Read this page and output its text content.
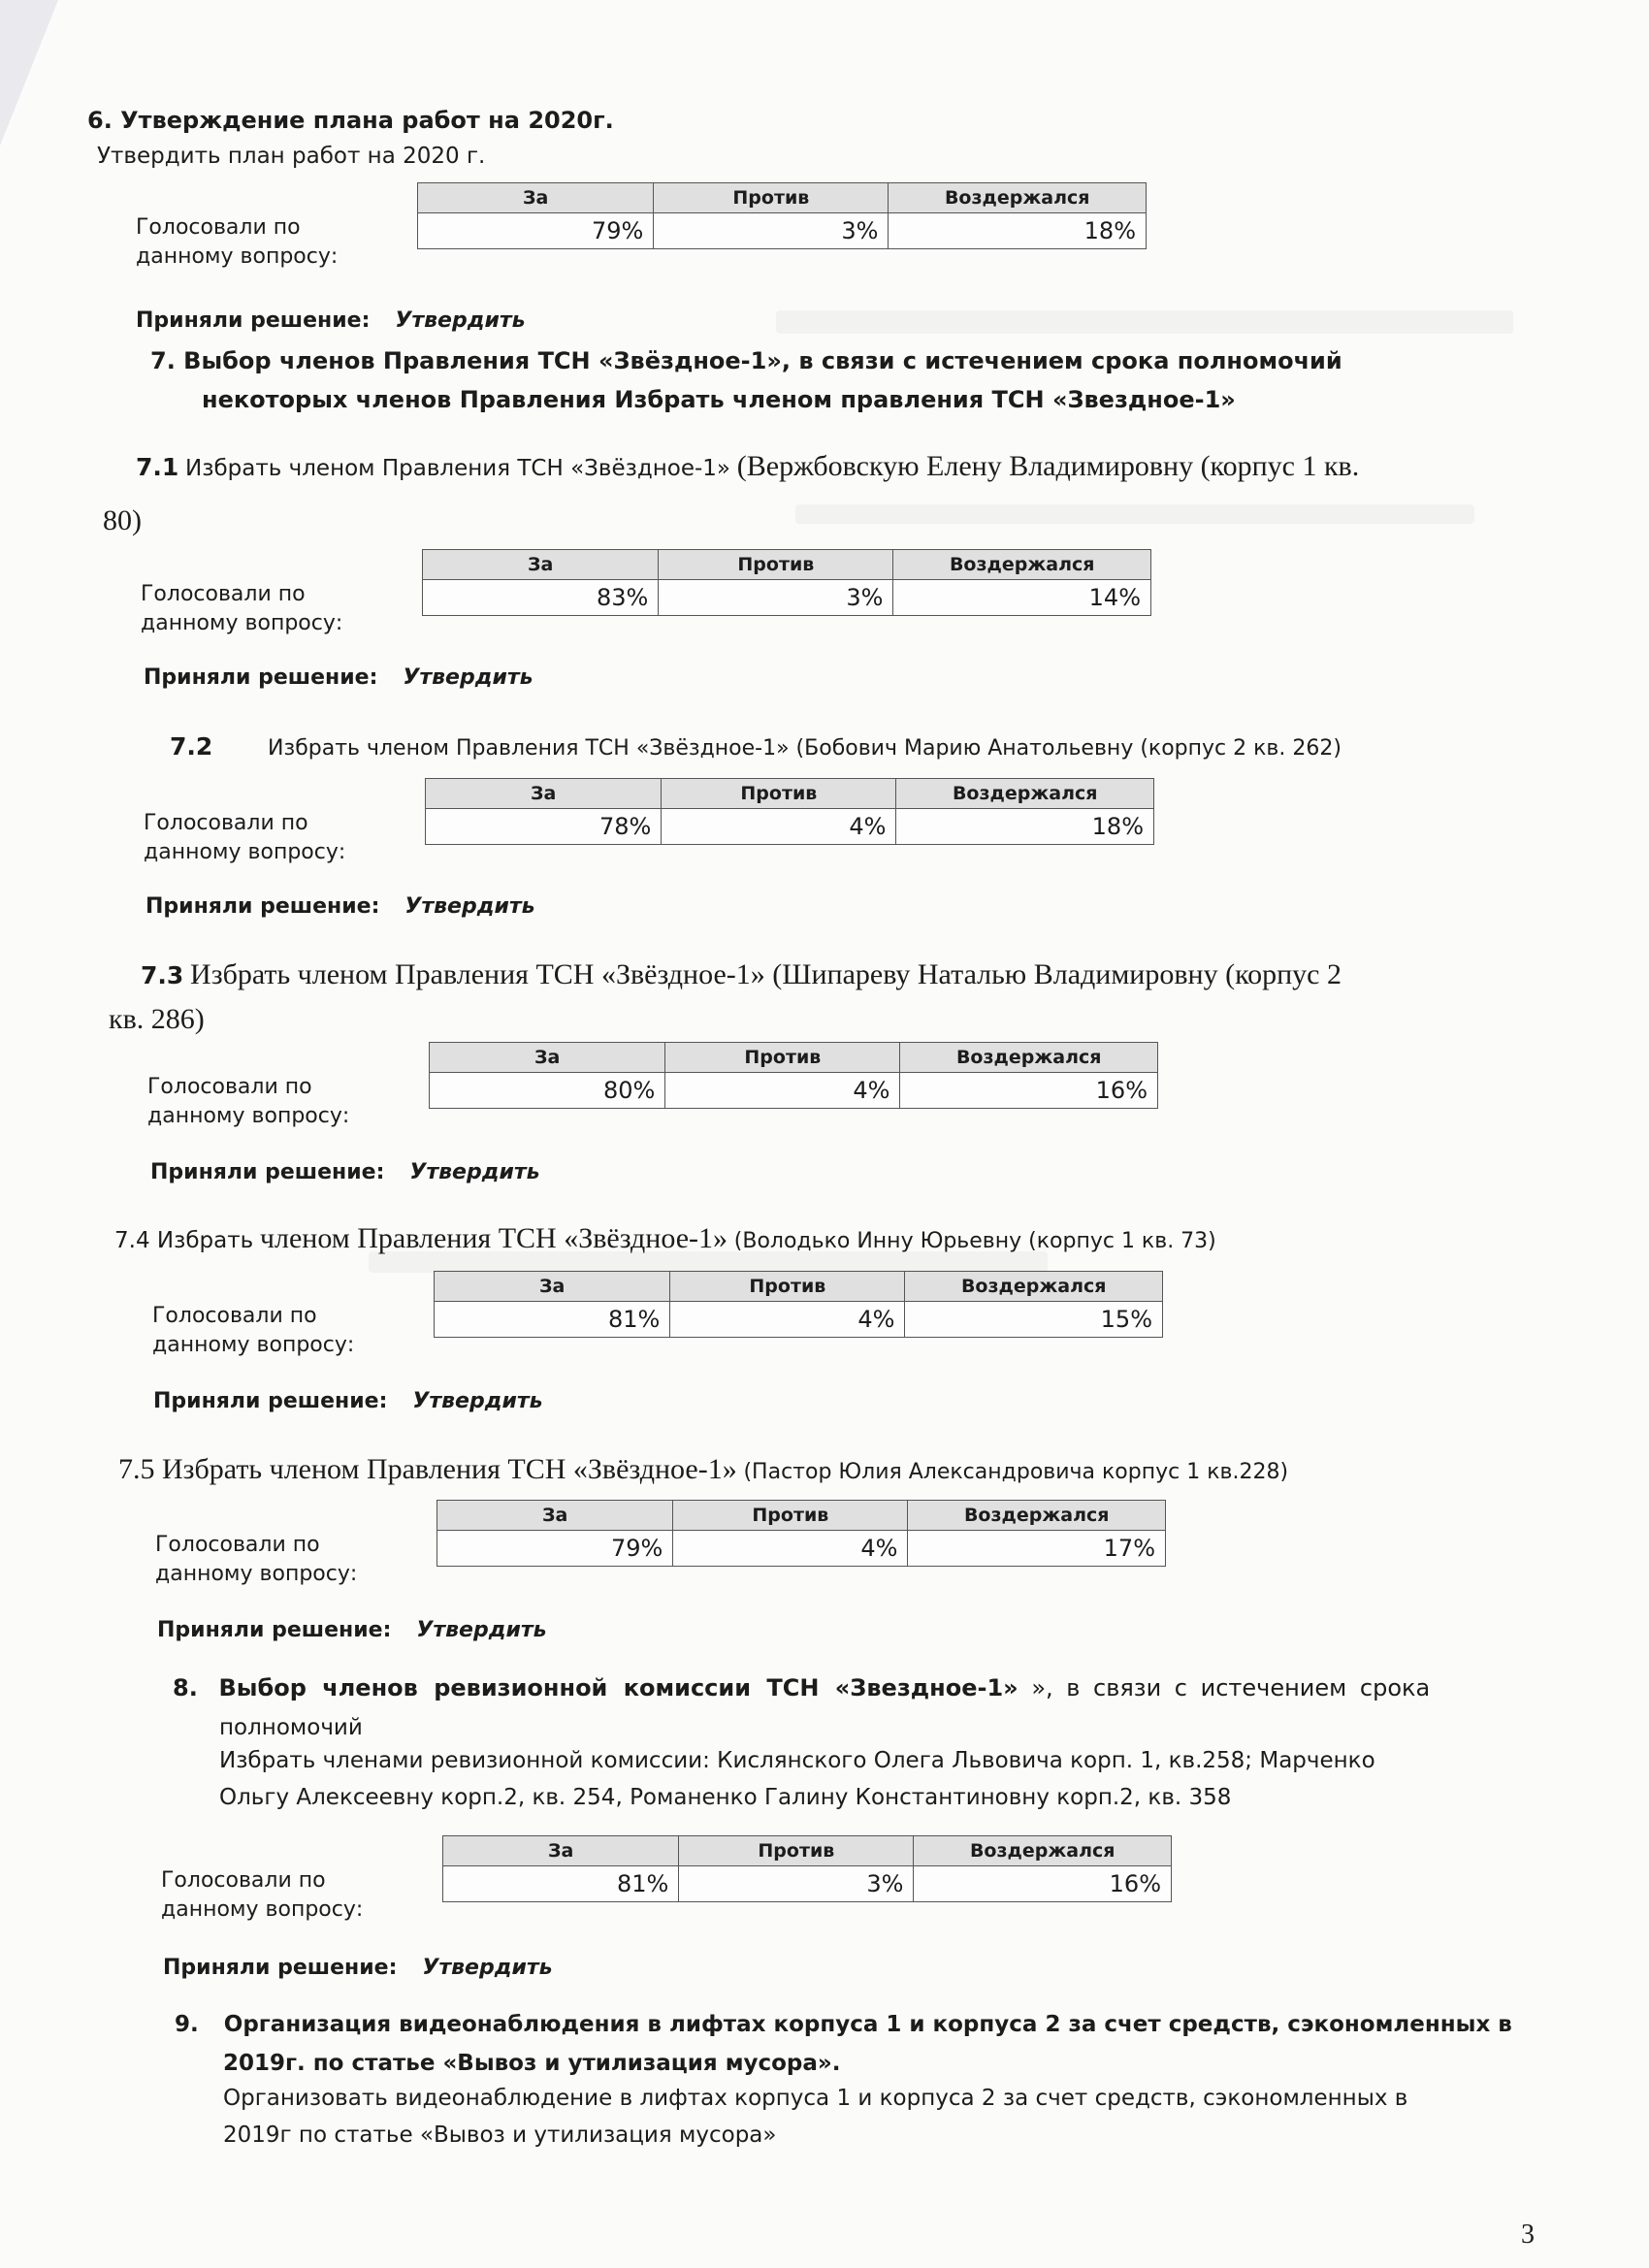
6. Утверждение плана работ на 2020г.
Утвердить план работ на 2020 г.
Голосовали по
данному вопросу:
За	Против	Воздержался
79%	3%	18%
Приняли решение: Утвердить
7. Выбор членов Правления ТСН «Звёздное-1», в связи с истечением срока полномочий
некоторых членов Правления Избрать членом правления ТСН «Звездное-1»
7.1 Избрать членом Правления ТСН «Звёздное-1» (Вержбовскую Елену Владимировну (корпус 1 кв.
80)
Голосовали по
данному вопросу:
За	Против	Воздержался
83%	3%	14%
Приняли решение: Утвердить
7.2	Избрать членом Правления ТСН «Звёздное-1» (Бобович Марию Анатольевну (корпус 2 кв. 262)
Голосовали по
данному вопросу:
За	Против	Воздержался
78%	4%	18%
Приняли решение: Утвердить
7.3 Избрать членом Правления ТСН «Звёздное-1» (Шипареву Наталью Владимировну (корпус 2
кв. 286)
Голосовали по
данному вопросу:
За	Против	Воздержался
80%	4%	16%
Приняли решение: Утвердить
7.4 Избрать членом Правления ТСН «Звёздное-1» (Володько Инну Юрьевну (корпус 1 кв. 73)
Голосовали по
данному вопросу:
За	Против	Воздержался
81%	4%	15%
Приняли решение: Утвердить
7.5 Избрать членом Правления ТСН «Звёздное-1» (Пастор Юлия Александровича корпус 1 кв.228)
Голосовали по
данному вопросу:
За	Против	Воздержался
79%	4%	17%
Приняли решение: Утвердить
8. Выбор членов ревизионной комиссии ТСН «Звездное-1» », в связи с истечением срока
полномочий
Избрать членами ревизионной комиссии: Кислянского Олега Львовича корп. 1, кв.258; Марченко
Ольгу Алексеевну корп.2, кв. 254, Романенко Галину Константиновну корп.2, кв. 358
Голосовали по
данному вопросу:
За	Против	Воздержался
81%	3%	16%
Приняли решение: Утвердить
9. Организация видеонаблюдения в лифтах корпуса 1 и корпуса 2 за счет средств, сэкономленных в
2019г. по статье «Вывоз и утилизация мусора».
Организовать видеонаблюдение в лифтах корпуса 1 и корпуса 2 за счет средств, сэкономленных в
2019г по статье «Вывоз и утилизация мусора»
3
